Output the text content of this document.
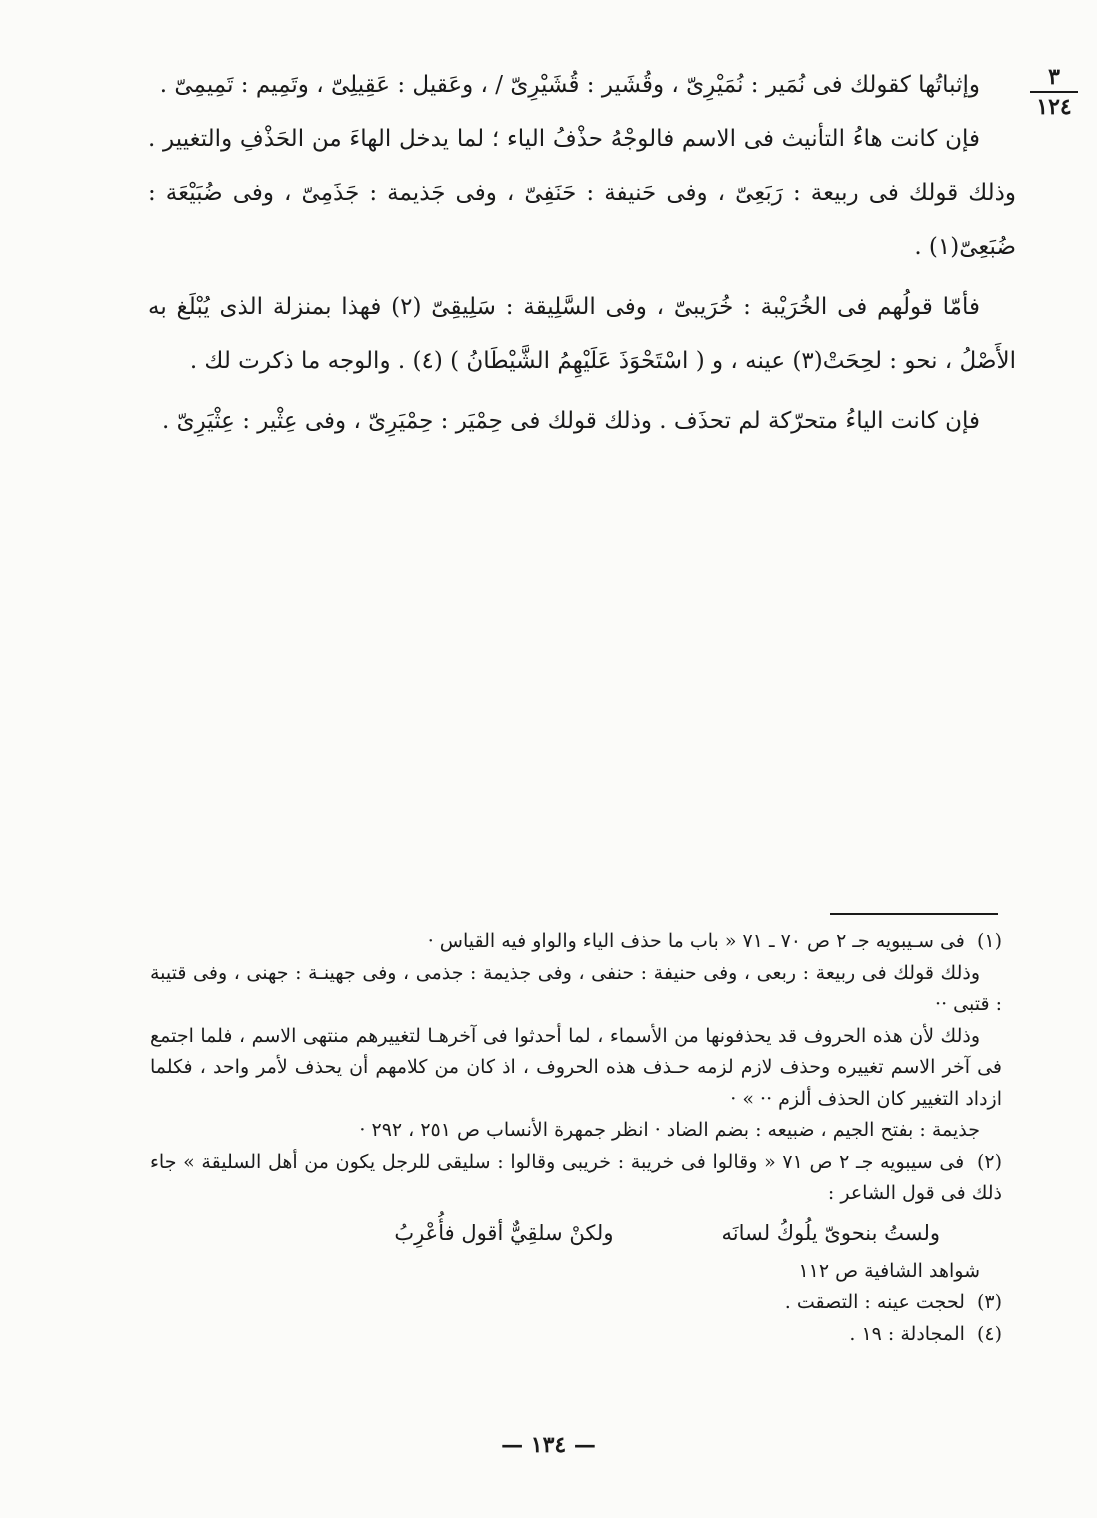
٣
١٢٤

وإثباتُها كقولك فى نُمَير : نُمَيْرِىّ ، وقُشَير : قُشَيْرِىّ / ، وعَقيل : عَقِيلِىّ ، وتَمِيم : تَمِيمِىّ .

فإن كانت هاءُ التأنيث فى الاسم فالوجْهُ حذْفُ الياء ؛ لما يدخل الهاءَ من الحَذْفِ والتغيير . وذلك قولك فى ربيعة : رَبَعِىّ ، وفى حَنيفة : حَنَفِىّ ، وفى جَذيمة : جَذَمِىّ ، وفى ضُبَيْعَة : ضُبَعِىّ(١) .

فأمّا قولُهم فى الخُرَيْبة : خُرَيبىّ ، وفى السَّلِيقة : سَلِيقِىّ (٢) فهذا بمنزلة الذى يُبْلَغ به الأَصْلُ ، نحو : لحِحَتْ(٣) عينه ، و ( اسْتَحْوَذَ عَلَيْهِمُ الشَّيْطَانُ ) (٤) . والوجه ما ذكرت لك .

فإن كانت الياءُ متحرّكة لم تحذَف . وذلك قولك فى حِمْيَر : حِمْيَرِىّ ، وفى عِثْير : عِثْيَرِىّ .

(١) فى سـيبويه جـ ٢ ص ٧٠ ـ ٧١ « باب ما حذف الياء والواو فيه القياس ·

وذلك قولك فى ربيعة : ربعى ، وفى حنيفة : حنفى ، وفى جذيمة : جذمى ، وفى جهينـة : جهنى ، وفى قتيبة : قتبى ··

وذلك لأن هذه الحروف قد يحذفونها من الأسماء ، لما أحدثوا فى آخرهـا لتغييرهم منتهى الاسم ، فلما اجتمع فى آخر الاسم تغييره وحذف لازم لزمه حـذف هذه الحروف ، اذ كان من كلامهم أن يحذف لأمر واحد ، فكلما ازداد التغيير كان الحذف ألزم ·· » ·

جذيمة : بفتح الجيم ، ضبيعه : بضم الضاد · انظر جمهرة الأنساب ص ٢٥١ ، ٢٩٢ ·

(٢) فى سيبويه جـ ٢ ص ٧١ « وقالوا فى خريبة : خريبى وقالوا : سليقى للرجل يكون من أهل السليقة » جاء ذلك فى قول الشاعر :

ولستُ بنحوىّ يلُوكُ لسانَه
ولكنْ سلقِيٌّ أقول فأُعْرِبُ

شواهد الشافية ص ١١٢

(٣) لحجت عينه : التصقت .

(٤) المجادلة : ١٩ .

— ١٣٤ —
